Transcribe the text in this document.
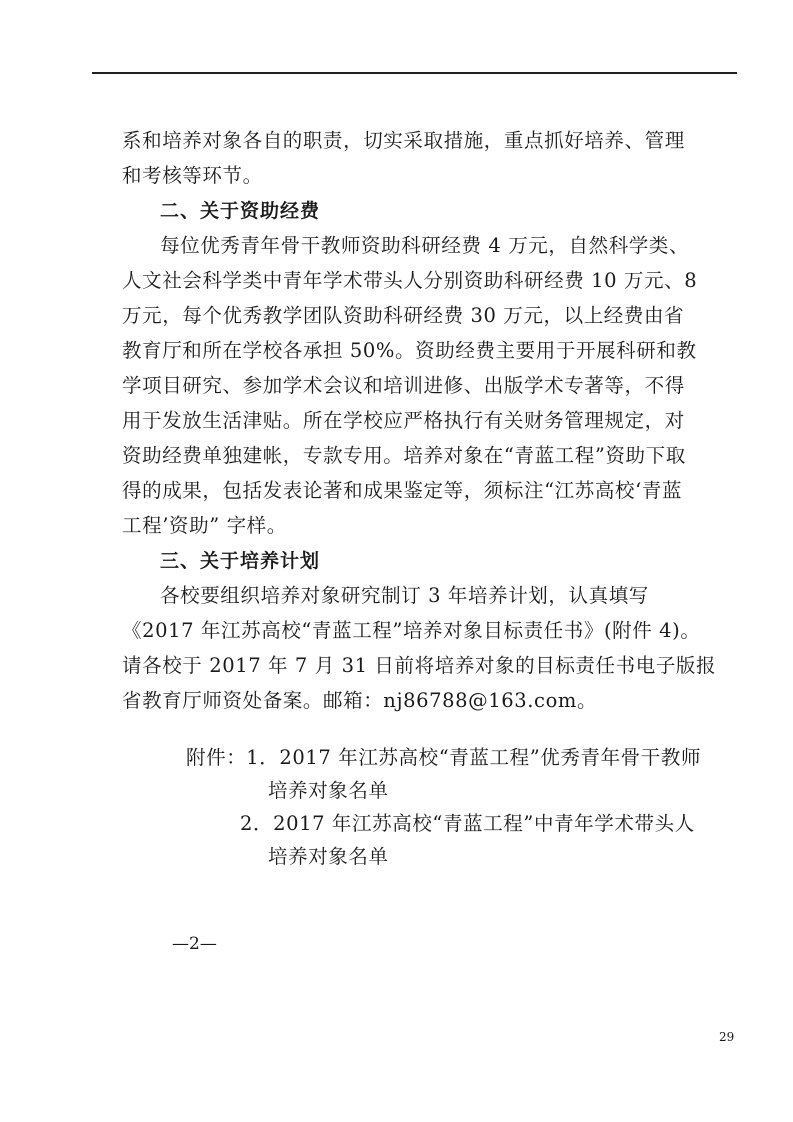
系和培养对象各自的职责，切实采取措施，重点抓好培养、管理
和考核等环节。
二、关于资助经费
每位优秀青年骨干教师资助科研经费 4 万元，自然科学类、
人文社会科学类中青年学术带头人分别资助科研经费 10 万元、8
万元，每个优秀教学团队资助科研经费 30 万元，以上经费由省
教育厅和所在学校各承担 50%。资助经费主要用于开展科研和教
学项目研究、参加学术会议和培训进修、出版学术专著等，不得
用于发放生活津贴。所在学校应严格执行有关财务管理规定，对
资助经费单独建帐，专款专用。培养对象在“青蓝工程”资助下取
得的成果，包括发表论著和成果鉴定等，须标注“江苏高校‘青蓝
工程’资助” 字样。
三、关于培养计划
各校要组织培养对象研究制订 3 年培养计划，认真填写
《2017 年江苏高校“青蓝工程”培养对象目标责任书》(附件 4)。
请各校于 2017 年 7 月 31 日前将培养对象的目标责任书电子版报
省教育厅师资处备案。邮箱：nj86788@163.com。
附件：1．2017 年江苏高校“青蓝工程”优秀青年骨干教师
培养对象名单
2．2017 年江苏高校“青蓝工程”中青年学术带头人
培养对象名单
—2—
29
